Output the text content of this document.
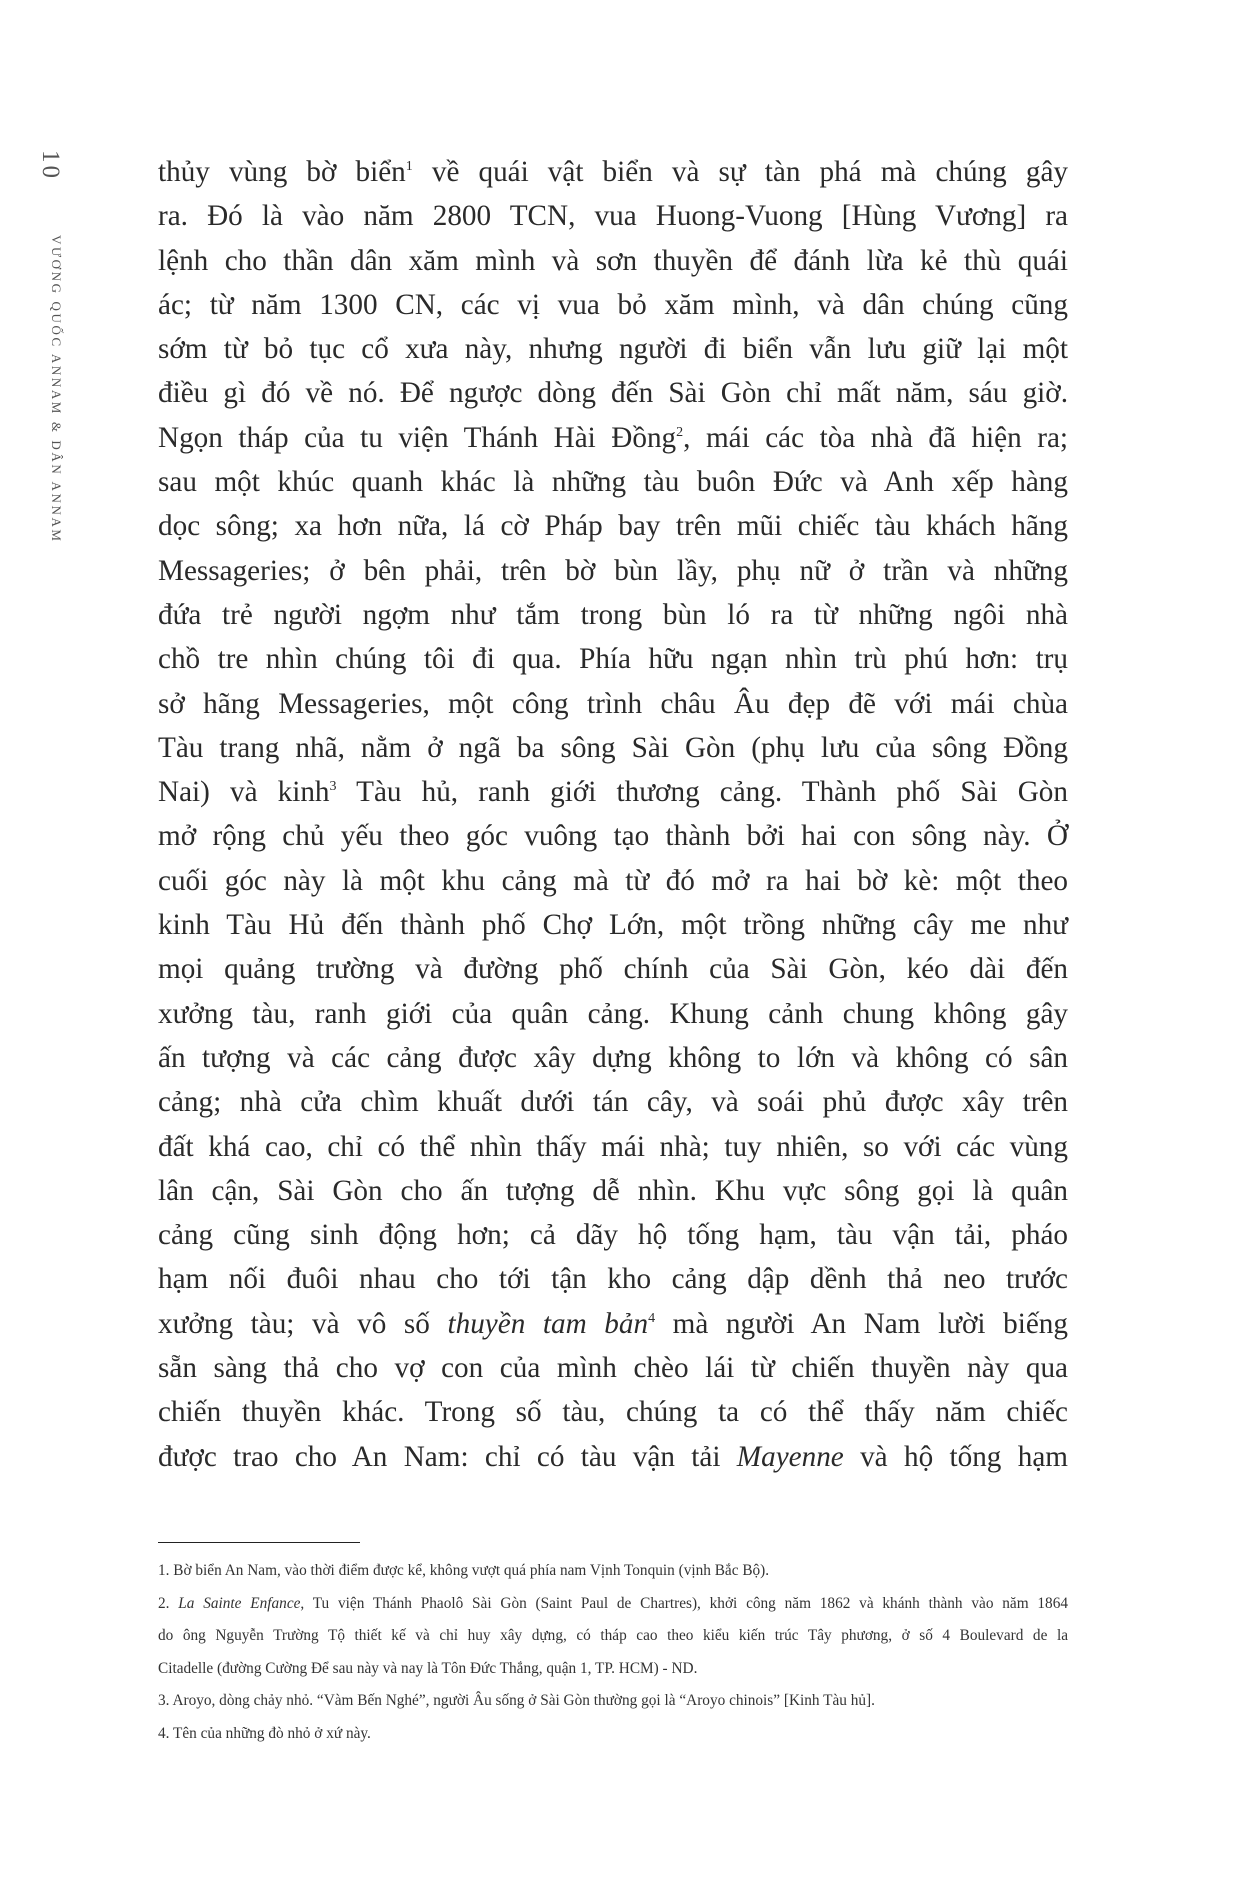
10
VƯƠNG QUỐC ANNAM & DÂN ANNAM
thủy vùng bờ biển$^1$ về quái vật biển và sự tàn phá mà chúng gây
ra. Đó là vào năm 2800 TCN, vua Huong-Vuong [Hùng Vương] ra
lệnh cho thần dân xăm mình và sơn thuyền để đánh lừa kẻ thù quái
ác; từ năm 1300 CN, các vị vua bỏ xăm mình, và dân chúng cũng
sớm từ bỏ tục cổ xưa này, nhưng người đi biển vẫn lưu giữ lại một
điều gì đó về nó. Để ngược dòng đến Sài Gòn chỉ mất năm, sáu giờ.
Ngọn tháp của tu viện Thánh Hài Đồng$^2$, mái các tòa nhà đã hiện ra;
sau một khúc quanh khác là những tàu buôn Đức và Anh xếp hàng
dọc sông; xa hơn nữa, lá cờ Pháp bay trên mũi chiếc tàu khách hãng
Messageries; ở bên phải, trên bờ bùn lầy, phụ nữ ở trần và những
đứa trẻ người ngợm như tắm trong bùn ló ra từ những ngôi nhà
chồ tre nhìn chúng tôi đi qua. Phía hữu ngạn nhìn trù phú hơn: trụ
sở hãng Messageries, một công trình châu Âu đẹp đẽ với mái chùa
Tàu trang nhã, nằm ở ngã ba sông Sài Gòn (phụ lưu của sông Đồng
Nai) và kinh$^3$ Tàu hủ, ranh giới thương cảng. Thành phố Sài Gòn
mở rộng chủ yếu theo góc vuông tạo thành bởi hai con sông này. Ở
cuối góc này là một khu cảng mà từ đó mở ra hai bờ kè: một theo
kinh Tàu Hủ đến thành phố Chợ Lớn, một trồng những cây me như
mọi quảng trường và đường phố chính của Sài Gòn, kéo dài đến
xưởng tàu, ranh giới của quân cảng. Khung cảnh chung không gây
ấn tượng và các cảng được xây dựng không to lớn và không có sân
cảng; nhà cửa chìm khuất dưới tán cây, và soái phủ được xây trên
đất khá cao, chỉ có thể nhìn thấy mái nhà; tuy nhiên, so với các vùng
lân cận, Sài Gòn cho ấn tượng dễ nhìn. Khu vực sông gọi là quân
cảng cũng sinh động hơn; cả dãy hộ tống hạm, tàu vận tải, pháo
hạm nối đuôi nhau cho tới tận kho cảng dập dềnh thả neo trước
xưởng tàu; và vô số thuyền tam bản$^4$ mà người An Nam lười biếng
sẵn sàng thả cho vợ con của mình chèo lái từ chiến thuyền này qua
chiến thuyền khác. Trong số tàu, chúng ta có thể thấy năm chiếc
được trao cho An Nam: chỉ có tàu vận tải Mayenne và hộ tống hạm
1. Bờ biển An Nam, vào thời điểm được kể, không vượt quá phía nam Vịnh Tonquin (vịnh Bắc Bộ).
2. La Sainte Enfance, Tu viện Thánh Phaolô Sài Gòn (Saint Paul de Chartres), khởi công năm 1862 và khánh thành vào năm 1864
do ông Nguyễn Trường Tộ thiết kế và chỉ huy xây dựng, có tháp cao theo kiểu kiến trúc Tây phương, ở số 4 Boulevard de la
Citadelle (đường Cường Để sau này và nay là Tôn Đức Thắng, quận 1, TP. HCM) - ND.
3. Aroyo, dòng chảy nhỏ. “Vàm Bến Nghé”, người Âu sống ở Sài Gòn thường gọi là “Aroyo chinois” [Kinh Tàu hủ].
4. Tên của những đò nhỏ ở xứ này.
